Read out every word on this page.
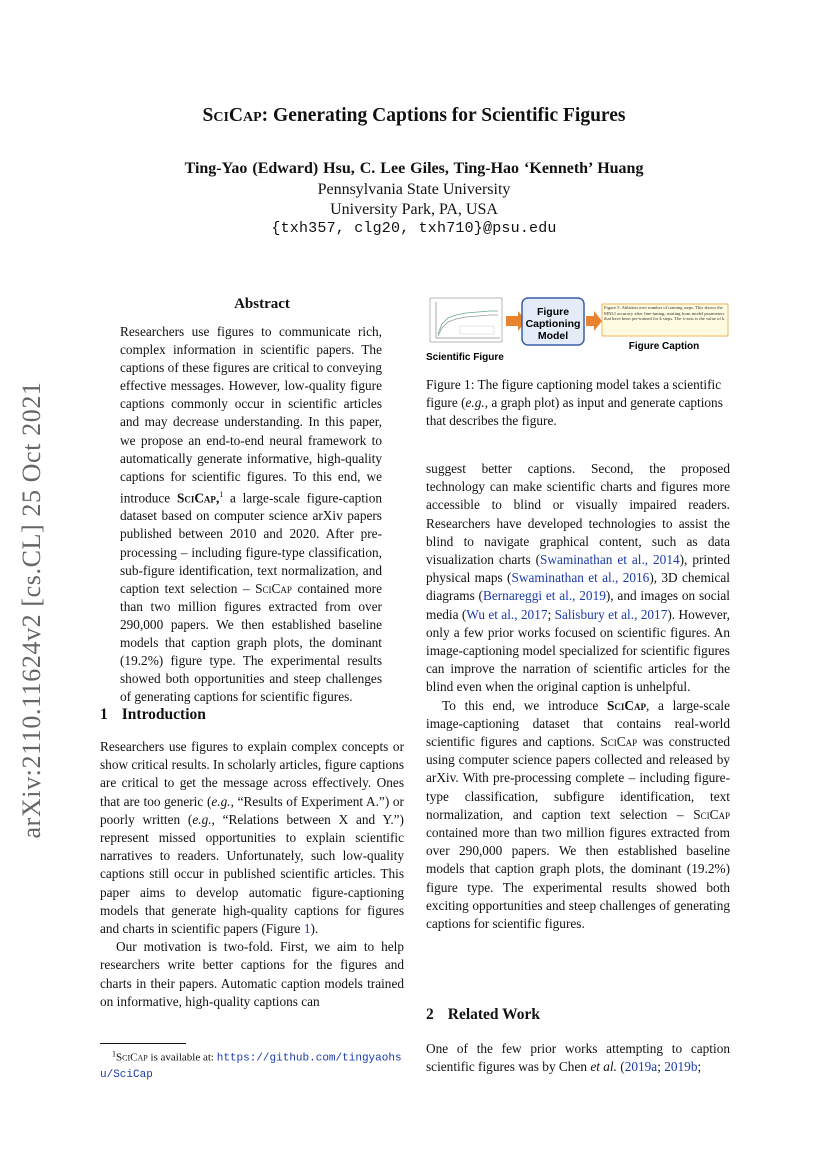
SciCap: Generating Captions for Scientific Figures
Ting-Yao (Edward) Hsu, C. Lee Giles, Ting-Hao ‘Kenneth’ Huang
Pennsylvania State University
University Park, PA, USA
{txh357, clg20, txh710}@psu.edu
arXiv:2110.11624v2 [cs.CL] 25 Oct 2021
Abstract
Researchers use figures to communicate rich, complex information in scientific papers. The captions of these figures are critical to conveying effective messages. However, low-quality figure captions commonly occur in scientific articles and may decrease understanding. In this paper, we propose an end-to-end neural framework to automatically generate informative, high-quality captions for scientific figures. To this end, we introduce SciCap,$^1$ a large-scale figure-caption dataset based on computer science arXiv papers published between 2010 and 2020. After pre-processing – including figure-type classification, sub-figure identification, text normalization, and caption text selection – SciCap contained more than two million figures extracted from over 290,000 papers. We then established baseline models that caption graph plots, the dominant (19.2%) figure type. The experimental results showed both opportunities and steep challenges of generating captions for scientific figures.
1 Introduction

Researchers use figures to explain complex concepts or show critical results. In scholarly articles, figure captions are critical to get the message across effectively. Ones that are too generic (e.g., “Results of Experiment A.”) or poorly written (e.g., “Relations between X and Y.”) represent missed opportunities to explain scientific narratives to readers. Unfortunately, such low-quality captions still occur in published scientific articles. This paper aims to develop automatic figure-captioning models that generate high-quality captions for figures and charts in scientific papers (Figure 1).

Our motivation is two-fold. First, we aim to help researchers write better captions for the figures and charts in their papers. Automatic caption models trained on informative, high-quality captions can

$^1$SciCap is available at: https://github.com/tingyaohsu/SciCap
Scientific Figure
Figure Captioning Model
Figure 5: Ablation over number of training steps. This shows the MNLI accuracy after fine-tuning, starting from model parameters that have been pre-trained for k steps. The x-axis is the value of k.
Figure Caption
Figure 1: The figure captioning model takes a scientific figure (e.g., a graph plot) as input and generate captions that describes the figure.

suggest better captions. Second, the proposed technology can make scientific charts and figures more accessible to blind or visually impaired readers. Researchers have developed technologies to assist the blind to navigate graphical content, such as data visualization charts (Swaminathan et al., 2014), printed physical maps (Swaminathan et al., 2016), 3D chemical diagrams (Bernareggi et al., 2019), and images on social media (Wu et al., 2017; Salisbury et al., 2017). However, only a few prior works focused on scientific figures. An image-captioning model specialized for scientific figures can improve the narration of scientific articles for the blind even when the original caption is unhelpful.

To this end, we introduce SciCap, a large-scale image-captioning dataset that contains real-world scientific figures and captions. SciCap was constructed using computer science papers collected and released by arXiv. With pre-processing complete – including figure-type classification, subfigure identification, text normalization, and caption text selection – SciCap contained more than two million figures extracted from over 290,000 papers. We then established baseline models that caption graph plots, the dominant (19.2%) figure type. The experimental results showed both exciting opportunities and steep challenges of generating captions for scientific figures.

2 Related Work

One of the few prior works attempting to caption scientific figures was by Chen et al. (2019a; 2019b;
